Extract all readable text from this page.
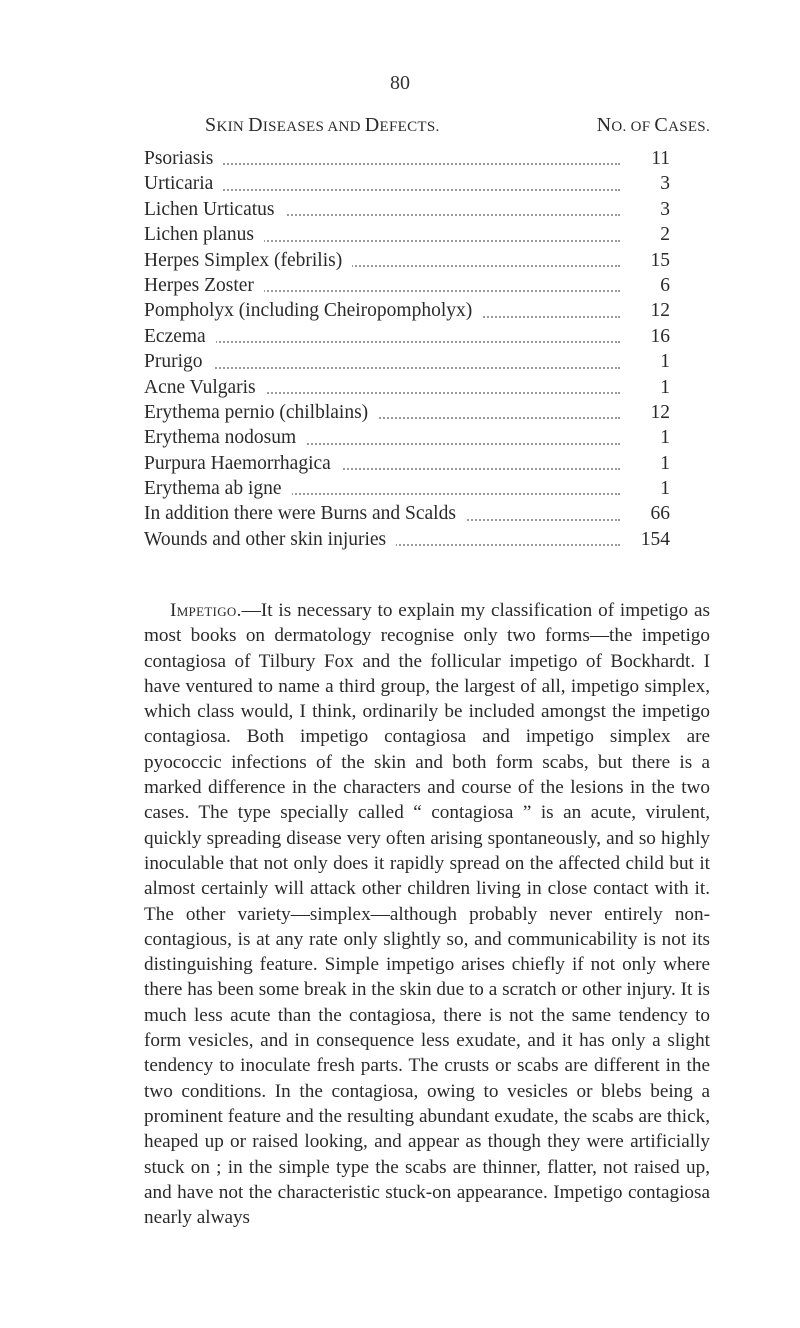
80
SKIN DISEASES AND DEFECTS.	NO. OF CASES.
Psoriasis	11
Urticaria	3
Lichen Urticatus	3
Lichen planus	2
Herpes Simplex (febrilis)	15
Herpes Zoster	6
Pompholyx (including Cheiropompholyx)	12
Eczema	16
Prurigo	1
Acne Vulgaris	1
Erythema pernio (chilblains)	12
Erythema nodosum	1
Purpura Haemorrhagica	1
Erythema ab igne	1
In addition there were Burns and Scalds	66
Wounds and other skin injuries	154

Impetigo.—It is necessary to explain my classification of impetigo as most books on dermatology recognise only two forms—the impetigo contagiosa of Tilbury Fox and the follicular impetigo of Bockhardt. I have ventured to name a third group, the largest of all, impetigo simplex, which class would, I think, ordinarily be included amongst the impetigo contagiosa. Both impetigo contagiosa and impetigo simplex are pyococcic infections of the skin and both form scabs, but there is a marked difference in the characters and course of the lesions in the two cases. The type specially called “ contagiosa ” is an acute, virulent, quickly spreading disease very often arising spontaneously, and so highly inoculable that not only does it rapidly spread on the affected child but it almost certainly will attack other children living in close contact with it. The other variety—simplex—although probably never entirely non-contagious, is at any rate only slightly so, and communicability is not its distinguishing feature. Simple impetigo arises chiefly if not only where there has been some break in the skin due to a scratch or other injury. It is much less acute than the contagiosa, there is not the same tendency to form vesicles, and in consequence less exudate, and it has only a slight tendency to inoculate fresh parts. The crusts or scabs are different in the two conditions. In the contagiosa, owing to vesicles or blebs being a prominent feature and the resulting abundant exudate, the scabs are thick, heaped up or raised looking, and appear as though they were artificially stuck on ; in the simple type the scabs are thinner, flatter, not raised up, and have not the characteristic stuck-on appearance. Impetigo contagiosa nearly always
